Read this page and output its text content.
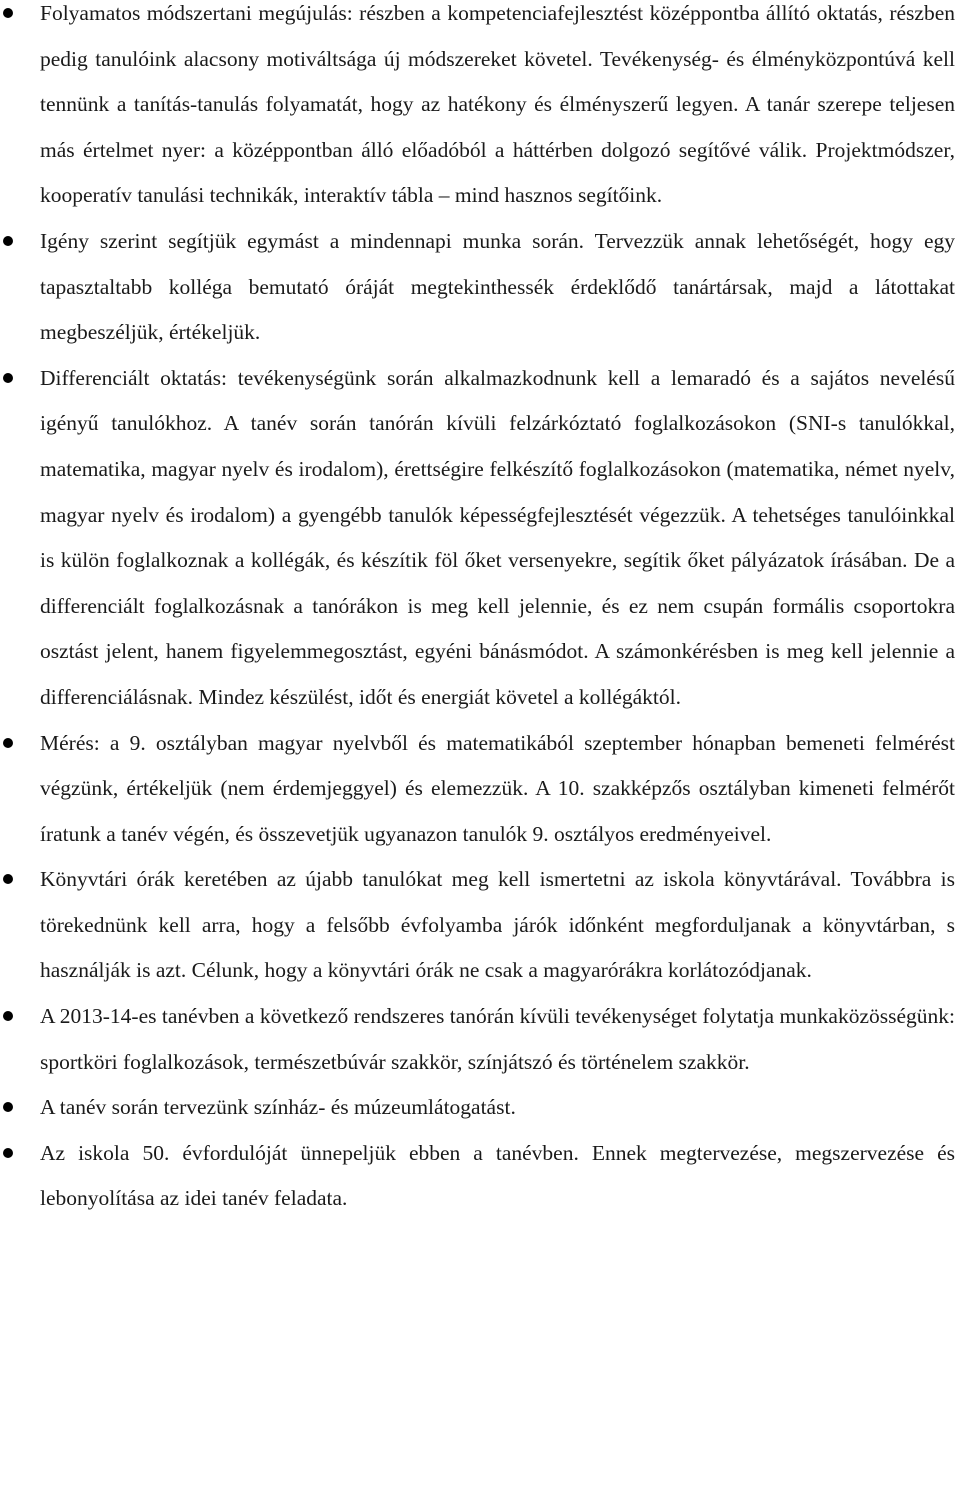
Folyamatos módszertani megújulás: részben a kompetenciafejlesztést középpontba állító oktatás, részben pedig tanulóink alacsony motiváltsága új módszereket követel. Tevékenység- és élményközpontúvá kell tennünk a tanítás-tanulás folyamatát, hogy az hatékony és élményszerű legyen. A tanár szerepe teljesen más értelmet nyer: a középpontban álló előadóból a háttérben dolgozó segítővé válik. Projektmódszer, kooperatív tanulási technikák, interaktív tábla – mind hasznos segítőink.
Igény szerint segítjük egymást a mindennapi munka során. Tervezzük annak lehetőségét, hogy egy tapasztaltabb kolléga bemutató óráját megtekinthessék érdeklődő tanártársak, majd a látottakat megbeszéljük, értékeljük.
Differenciált oktatás: tevékenységünk során alkalmazkodnunk kell a lemaradó és a sajátos nevelésű igényű tanulókhoz. A tanév során tanórán kívüli felzárkóztató foglalkozásokon (SNI-s tanulókkal, matematika, magyar nyelv és irodalom), érettségire felkészítő foglalkozásokon (matematika, német nyelv, magyar nyelv és irodalom) a gyengébb tanulók képességfejlesztését végezzük. A tehetséges tanulóinkkal is külön foglalkoznak a kollégák, és készítik föl őket versenyekre, segítik őket pályázatok írásában. De a differenciált foglalkozásnak a tanórákon is meg kell jelennie, és ez nem csupán formális csoportokra osztást jelent, hanem figyelemmegosztást, egyéni bánásmódot. A számonkérésben is meg kell jelennie a differenciálásnak. Mindez készülést, időt és energiát követel a kollégáktól.
Mérés: a 9. osztályban magyar nyelvből és matematikából szeptember hónapban bemeneti felmérést végzünk, értékeljük (nem érdemjeggyel) és elemezzük. A 10. szakképzős osztályban kimeneti felmérőt íratunk a tanév végén, és összevetjük ugyanazon tanulók 9. osztályos eredményeivel.
Könyvtári órák keretében az újabb tanulókat meg kell ismertetni az iskola könyvtárával. Továbbra is törekednünk kell arra, hogy a felsőbb évfolyamba járók időnként megforduljanak a könyvtárban, s használják is azt. Célunk, hogy a könyvtári órák ne csak a magyarórákra korlátozódjanak.
A 2013-14-es tanévben a következő rendszeres tanórán kívüli tevékenységet folytatja munkaközösségünk: sportköri foglalkozások, természetbúvár szakkör, színjátszó és történelem szakkör.
A tanév során tervezünk színház- és múzeumlátogatást.
Az iskola 50. évfordulóját ünnepeljük ebben a tanévben. Ennek megtervezése, megszervezése és lebonyolítása az idei tanév feladata.
